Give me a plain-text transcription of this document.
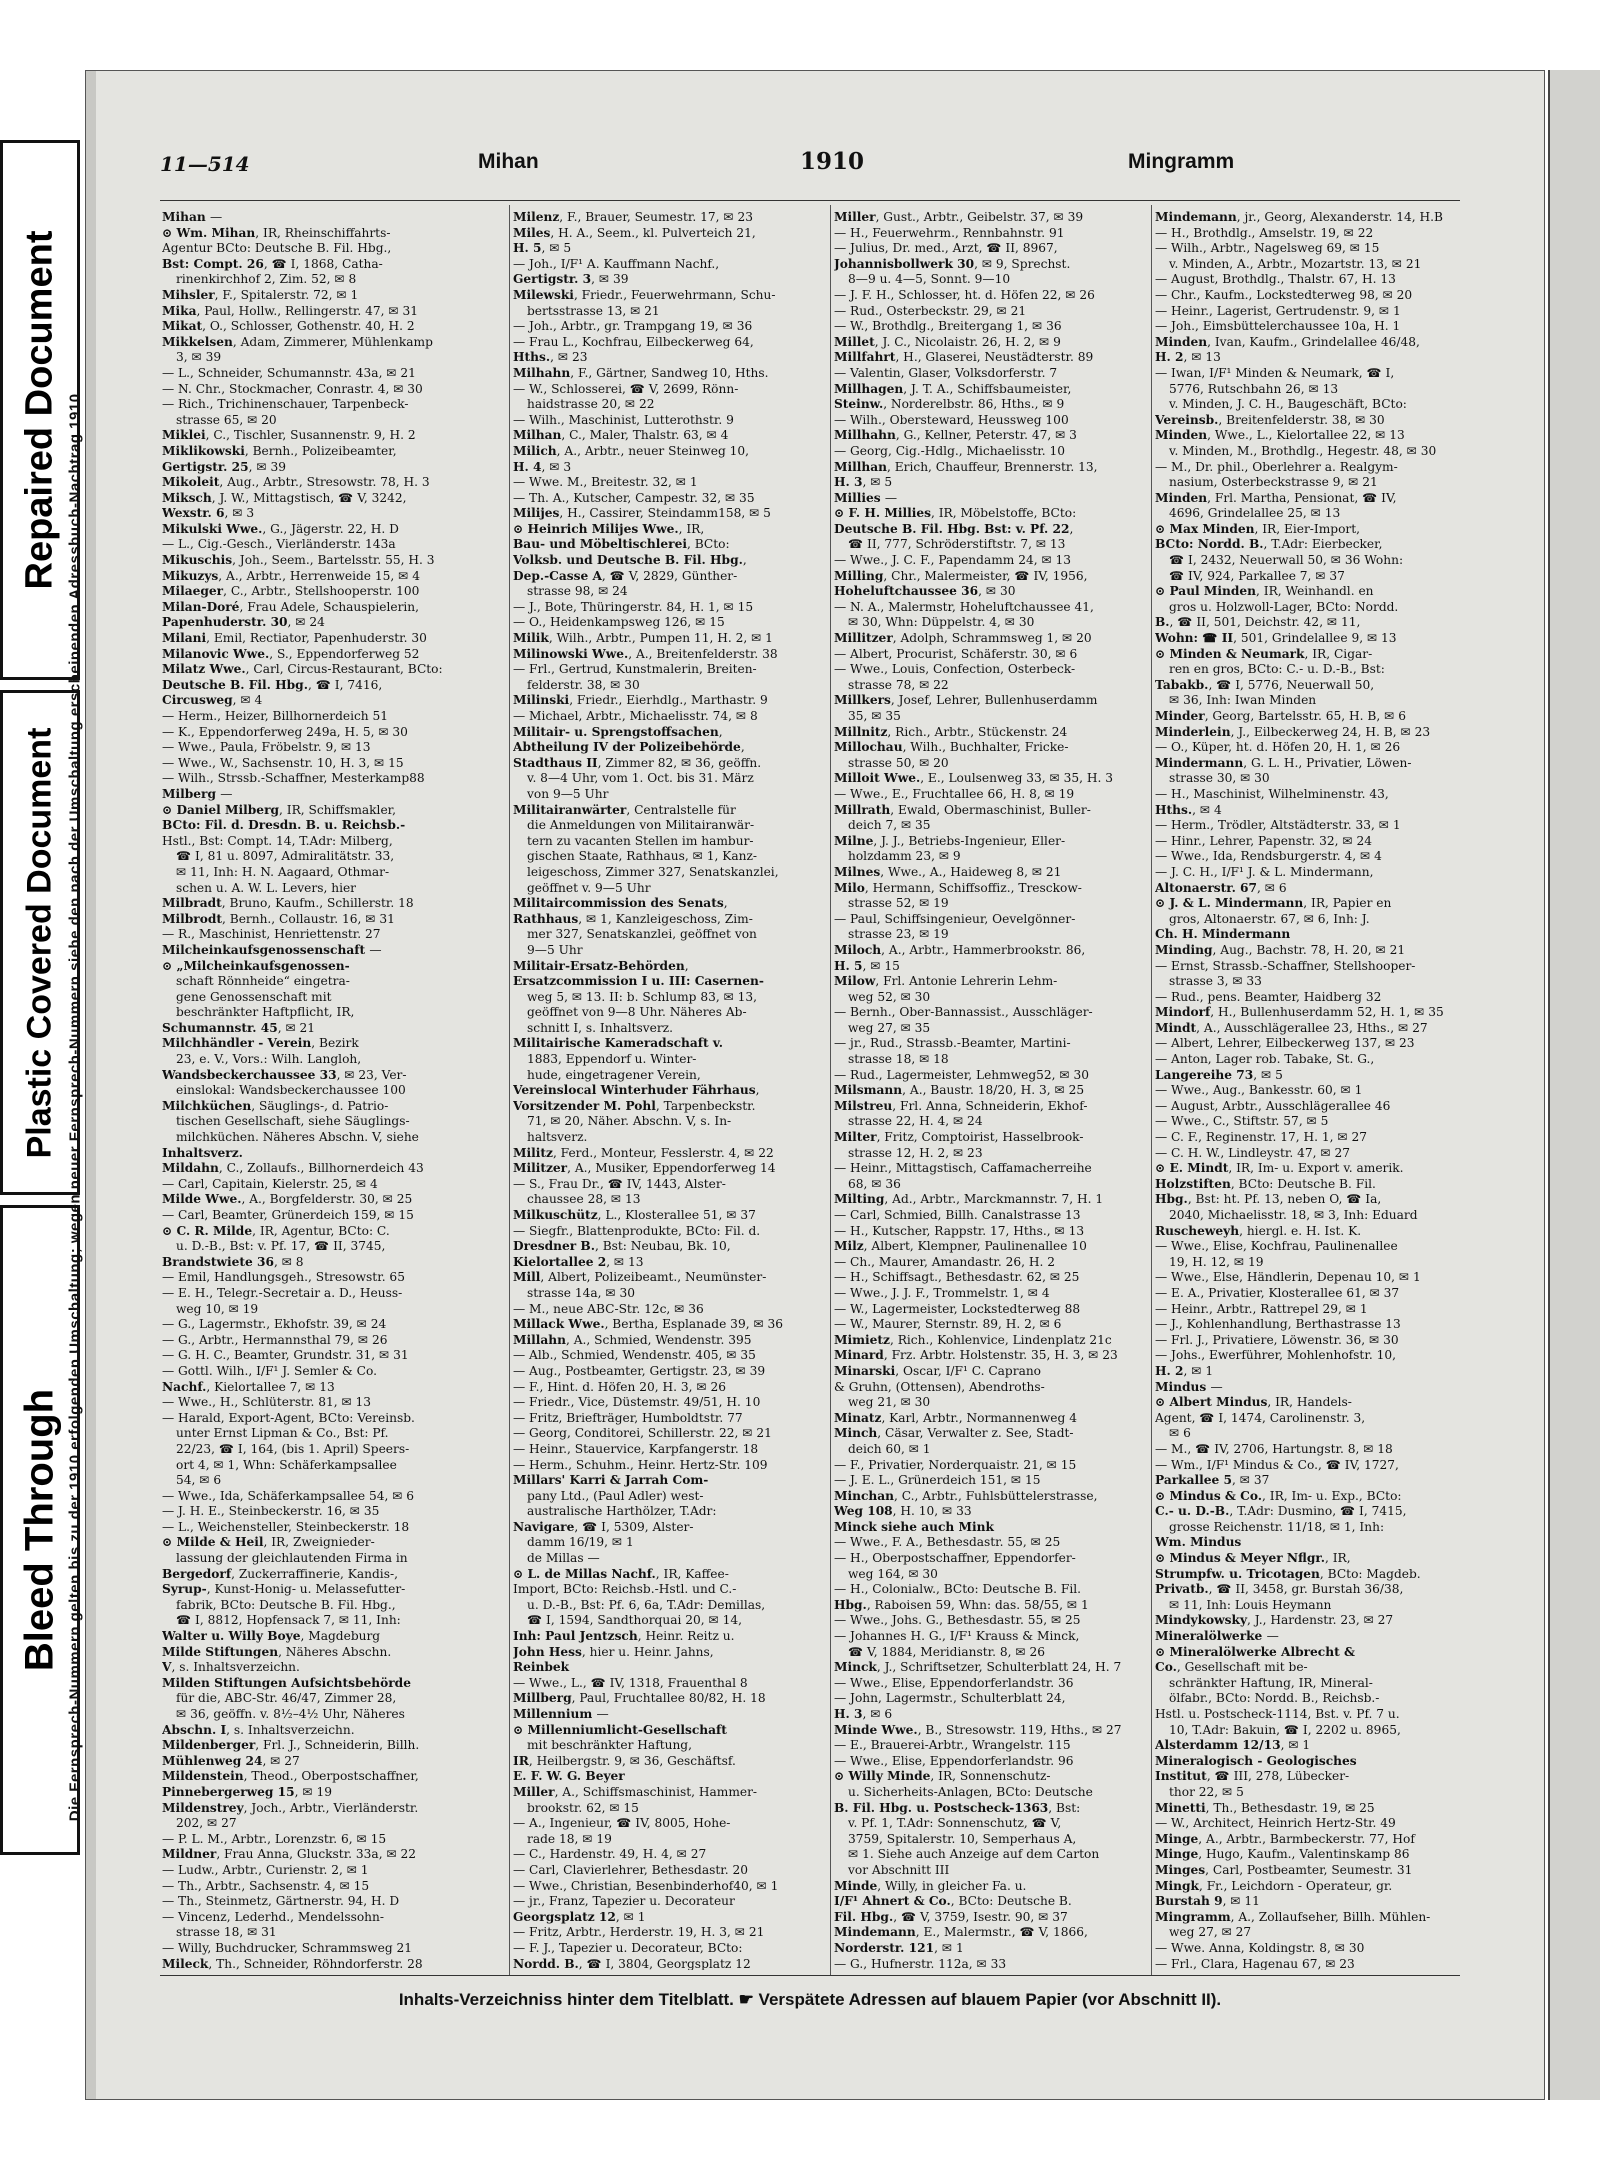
Bleed Through
Plastic Covered Document
Repaired Document
11—514	Mihan	1910	Mingramm
Die Fernsprech-Nummern gelten bis zu der 1910 erfolgenden Umschaltung; wegen neuer Fernsprech-Nummern siehe den nach der Umschaltung erscheinenden Adressbuch-Nachtrag 1910.
Mihan —
⊙ Wm. Mihan, IR, Rheinschiffahrts-
Agentur BCto: Deutsche B. Fil. Hbg.,
Bst: Compt. 26, ☎ I, 1868, Catha-
rinenkirchhof 2, Zim. 52, ✉ 8
Mihsler, F., Spitalerstr. 72, ✉ 1
Mika, Paul, Hollw., Rellingerstr. 47, ✉ 31
Mikat, O., Schlosser, Gothenstr. 40, H. 2
Mikkelsen, Adam, Zimmerer, Mühlenkamp
3, ✉ 39
— L., Schneider, Schumannstr. 43a, ✉ 21
— N. Chr., Stockmacher, Conrastr. 4, ✉ 30
— Rich., Trichinenschauer, Tarpenbeck-
strasse 65, ✉ 20
Miklei, C., Tischler, Susannenstr. 9, H. 2
Miklikowski, Bernh., Polizeibeamter,
Gertigstr. 25, ✉ 39
Mikoleit, Aug., Arbtr., Stresowstr. 78, H. 3
Miksch, J. W., Mittagstisch, ☎ V, 3242,
Wexstr. 6, ✉ 3
Mikulski Wwe., G., Jägerstr. 22, H. D
— L., Cig.-Gesch., Vierländerstr. 143a
Mikuschis, Joh., Seem., Bartelsstr. 55, H. 3
Mikuzys, A., Arbtr., Herrenweide 15, ✉ 4
Milaeger, C., Arbtr., Stellshooperstr. 100
Milan-Doré, Frau Adele, Schauspielerin,
Papenhuderstr. 30, ✉ 24
Milani, Emil, Rectiator, Papenhuderstr. 30
Milanovic Wwe., S., Eppendorferweg 52
Milatz Wwe., Carl, Circus-Restaurant, BCto:
Deutsche B. Fil. Hbg., ☎ I, 7416,
Circusweg, ✉ 4
— Herm., Heizer, Billhornerdeich 51
— K., Eppendorferweg 249a, H. 5, ✉ 30
— Wwe., Paula, Fröbelstr. 9, ✉ 13
— Wwe., W., Sachsenstr. 10, H. 3, ✉ 15
— Wilh., Strssb.-Schaffner, Mesterkamp88
Milberg —
⊙ Daniel Milberg, IR, Schiffsmakler,
BCto: Fil. d. Dresdn. B. u. Reichsb.-
Hstl., Bst: Compt. 14, T.Adr: Milberg,
☎ I, 81 u. 8097, Admiralitätstr. 33,
✉ 11, Inh: H. N. Aagaard, Othmar-
schen u. A. W. L. Levers, hier
Milbradt, Bruno, Kaufm., Schillerstr. 18
Milbrodt, Bernh., Collaustr. 16, ✉ 31
— R., Maschinist, Henriettenstr. 27
Milcheinkaufsgenossenschaft —
⊙ „Milcheinkaufsgenossen-
schaft Rönnheide“ eingetra-
gene Genossenschaft mit
beschränkter Haftpflicht, IR,
Schumannstr. 45, ✉ 21
Milchhändler - Verein, Bezirk
23, e. V., Vors.: Wilh. Langloh,
Wandsbeckerchaussee 33, ✉ 23, Ver-
einslokal: Wandsbeckerchaussee 100
Milchküchen, Säuglings-, d. Patrio-
tischen Gesellschaft, siehe Säuglings-
milchküchen. Näheres Abschn. V, siehe
Inhaltsverz.
Mildahn, C., Zollaufs., Billhornerdeich 43
— Carl, Capitain, Kielerstr. 25, ✉ 4
Milde Wwe., A., Borgfelderstr. 30, ✉ 25
— Carl, Beamter, Grünerdeich 159, ✉ 15
⊙ C. R. Milde, IR, Agentur, BCto: C.
u. D.-B., Bst: v. Pf. 17, ☎ II, 3745,
Brandstwiete 36, ✉ 8
— Emil, Handlungsgeh., Stresowstr. 65
— E. H., Telegr.-Secretair a. D., Heuss-
weg 10, ✉ 19
— G., Lagermstr., Ekhofstr. 39, ✉ 24
— G., Arbtr., Hermannsthal 79, ✉ 26
— G. H. C., Beamter, Grundstr. 31, ✉ 31
— Gottl. Wilh., I/F¹ J. Semler & Co.
Nachf., Kielortallee 7, ✉ 13
— Wwe., H., Schlüterstr. 81, ✉ 13
— Harald, Export-Agent, BCto: Vereinsb.
unter Ernst Lipman & Co., Bst: Pf.
22/23, ☎ I, 164, (bis 1. April) Speers-
ort 4, ✉ 1, Whn: Schäferkampsallee
54, ✉ 6
— Wwe., Ida, Schäferkampsallee 54, ✉ 6
— J. H. E., Steinbeckerstr. 16, ✉ 35
— L., Weichensteller, Steinbeckerstr. 18
⊙ Milde & Heil, IR, Zweignieder-
lassung der gleichlautenden Firma in
Bergedorf, Zuckerraffinerie, Kandis-,
Syrup-, Kunst-Honig- u. Melassefutter-
fabrik, BCto: Deutsche B. Fil. Hbg.,
☎ I, 8812, Hopfensack 7, ✉ 11, Inh:
Walter u. Willy Boye, Magdeburg
Milde Stiftungen, Näheres Abschn.
V, s. Inhaltsverzeichn.
Milden Stiftungen Aufsichtsbehörde
für die, ABC-Str. 46/47, Zimmer 28,
✉ 36, geöffn. v. 8½–4½ Uhr, Näheres
Abschn. I, s. Inhaltsverzeichn.
Mildenberger, Frl. J., Schneiderin, Billh.
Mühlenweg 24, ✉ 27
Mildenstein, Theod., Oberpostschaffner,
Pinnebergerweg 15, ✉ 19
Mildenstrey, Joch., Arbtr., Vierländerstr.
202, ✉ 27
— P. L. M., Arbtr., Lorenzstr. 6, ✉ 15
Mildner, Frau Anna, Gluckstr. 33a, ✉ 22
— Ludw., Arbtr., Curienstr. 2, ✉ 1
— Th., Arbtr., Sachsenstr. 4, ✉ 15
— Th., Steinmetz, Gärtnerstr. 94, H. D
— Vincenz, Lederhd., Mendelssohn-
strasse 18, ✉ 31
— Willy, Buchdrucker, Schrammsweg 21
Mileck, Th., Schneider, Röhndorferstr. 28
Milenz, F., Brauer, Seumestr. 17, ✉ 23
Miles, H. A., Seem., kl. Pulverteich 21,
H. 5, ✉ 5
— Joh., I/F¹ A. Kauffmann Nachf.,
Gertigstr. 3, ✉ 39
Milewski, Friedr., Feuerwehrmann, Schu-
bertsstrasse 13, ✉ 21
— Joh., Arbtr., gr. Trampgang 19, ✉ 36
— Frau L., Kochfrau, Eilbeckerweg 64,
Hths., ✉ 23
Milhahn, F., Gärtner, Sandweg 10, Hths.
— W., Schlosserei, ☎ V, 2699, Rönn-
haidstrasse 20, ✉ 22
— Wilh., Maschinist, Lutterothstr. 9
Milhan, C., Maler, Thalstr. 63, ✉ 4
Milich, A., Arbtr., neuer Steinweg 10,
H. 4, ✉ 3
— Wwe. M., Breitestr. 32, ✉ 1
— Th. A., Kutscher, Campestr. 32, ✉ 35
Milijes, H., Cassirer, Steindamm158, ✉ 5
⊙ Heinrich Milijes Wwe., IR,
Bau- und Möbeltischlerei, BCto:
Volksb. und Deutsche B. Fil. Hbg.,
Dep.-Casse A, ☎ V, 2829, Günther-
strasse 98, ✉ 24
— J., Bote, Thüringerstr. 84, H. 1, ✉ 15
— O., Heidenkampsweg 126, ✉ 15
Milik, Wilh., Arbtr., Pumpen 11, H. 2, ✉ 1
Milinowski Wwe., A., Breitenfelderstr. 38
— Frl., Gertrud, Kunstmalerin, Breiten-
felderstr. 38, ✉ 30
Milinski, Friedr., Eierhdlg., Marthastr. 9
— Michael, Arbtr., Michaelisstr. 74, ✉ 8
Militair- u. Sprengstoffsachen,
Abtheilung IV der Polizeibehörde,
Stadthaus II, Zimmer 82, ✉ 36, geöffn.
v. 8—4 Uhr, vom 1. Oct. bis 31. März
von 9—5 Uhr
Militairanwärter, Centralstelle für
die Anmeldungen von Militairanwär-
tern zu vacanten Stellen im hambur-
gischen Staate, Rathhaus, ✉ 1, Kanz-
leigeschoss, Zimmer 327, Senatskanzlei,
geöffnet v. 9—5 Uhr
Militaircommission des Senats,
Rathhaus, ✉ 1, Kanzleigeschoss, Zim-
mer 327, Senatskanzlei, geöffnet von
9—5 Uhr
Militair-Ersatz-Behörden,
Ersatzcommission I u. III: Casernen-
weg 5, ✉ 13. II: b. Schlump 83, ✉ 13,
geöffnet von 9—8 Uhr. Näheres Ab-
schnitt I, s. Inhaltsverz.
Militairische Kameradschaft v.
1883, Eppendorf u. Winter-
hude, eingetragener Verein,
Vereinslocal Winterhuder Fährhaus,
Vorsitzender M. Pohl, Tarpenbeckstr.
71, ✉ 20, Näher. Abschn. V, s. In-
haltsverz.
Militz, Ferd., Monteur, Fesslerstr. 4, ✉ 22
Militzer, A., Musiker, Eppendorferweg 14
— S., Frau Dr., ☎ IV, 1443, Alster-
chaussee 28, ✉ 13
Milkuschütz, L., Klosterallee 51, ✉ 37
— Siegfr., Blattenprodukte, BCto: Fil. d.
Dresdner B., Bst: Neubau, Bk. 10,
Kielortallee 2, ✉ 13
Mill, Albert, Polizeibeamt., Neumünster-
strasse 14a, ✉ 30
— M., neue ABC-Str. 12c, ✉ 36
Millack Wwe., Bertha, Esplanade 39, ✉ 36
Millahn, A., Schmied, Wendenstr. 395
— Alb., Schmied, Wendenstr. 405, ✉ 35
— Aug., Postbeamter, Gertigstr. 23, ✉ 39
— F., Hint. d. Höfen 20, H. 3, ✉ 26
— Friedr., Vice, Düstemstr. 49/51, H. 10
— Fritz, Briefträger, Humboldtstr. 77
— Georg, Conditorei, Schillerstr. 22, ✉ 21
— Heinr., Stauervice, Karpfangerstr. 18
— Herm., Schuhm., Heinr. Hertz-Str. 109
Millars' Karri & Jarrah Com-
pany Ltd., (Paul Adler) west-
australische Harthölzer, T.Adr:
Navigare, ☎ I, 5309, Alster-
damm 16/19, ✉ 1
de Millas —
⊙ L. de Millas Nachf., IR, Kaffee-
Import, BCto: Reichsb.-Hstl. und C.-
u. D.-B., Bst: Pf. 6, 6a, T.Adr: Demillas,
☎ I, 1594, Sandthorquai 20, ✉ 14,
Inh: Paul Jentzsch, Heinr. Reitz u.
John Hess, hier u. Heinr. Jahns,
Reinbek
— Wwe., L., ☎ IV, 1318, Frauenthal 8
Millberg, Paul, Fruchtallee 80/82, H. 18
Millennium —
⊙ Millenniumlicht-Gesellschaft
mit beschränkter Haftung,
IR, Heilbergstr. 9, ✉ 36, Geschäftsf.
E. F. W. G. Beyer
Miller, A., Schiffsmaschinist, Hammer-
brookstr. 62, ✉ 15
— A., Ingenieur, ☎ IV, 8005, Hohe-
rade 18, ✉ 19
— C., Hardenstr. 49, H. 4, ✉ 27
— Carl, Clavierlehrer, Bethesdastr. 20
— Wwe., Christian, Besenbinderhof40, ✉ 1
— jr., Franz, Tapezier u. Decorateur
Georgsplatz 12, ✉ 1
— Fritz, Arbtr., Herderstr. 19, H. 3, ✉ 21
— F. J., Tapezier u. Decorateur, BCto:
Nordd. B., ☎ I, 3804, Georgsplatz 12
Miller, Gust., Arbtr., Geibelstr. 37, ✉ 39
— H., Feuerwehrm., Rennbahnstr. 91
— Julius, Dr. med., Arzt, ☎ II, 8967,
Johannisbollwerk 30, ✉ 9, Sprechst.
8—9 u. 4—5, Sonnt. 9—10
— J. F. H., Schlosser, ht. d. Höfen 22, ✉ 26
— Rud., Osterbeckstr. 29, ✉ 21
— W., Brothdlg., Breitergang 1, ✉ 36
Millet, J. C., Nicolaistr. 26, H. 2, ✉ 9
Millfahrt, H., Glaserei, Neustädterstr. 89
— Valentin, Glaser, Volksdorferstr. 7
Millhagen, J. T. A., Schiffsbaumeister,
Steinw., Norderelbstr. 86, Hths., ✉ 9
— Wilh., Obersteward, Heussweg 100
Millhahn, G., Kellner, Peterstr. 47, ✉ 3
— Georg, Cig.-Hdlg., Michaelisstr. 10
Millhan, Erich, Chauffeur, Brennerstr. 13,
H. 3, ✉ 5
Millies —
⊙ F. H. Millies, IR, Möbelstoffe, BCto:
Deutsche B. Fil. Hbg. Bst: v. Pf. 22,
☎ II, 777, Schröderstiftstr. 7, ✉ 13
— Wwe., J. C. F., Papendamm 24, ✉ 13
Milling, Chr., Malermeister, ☎ IV, 1956,
Hoheluftchaussee 36, ✉ 30
— N. A., Malermstr, Hoheluftchaussee 41,
✉ 30, Whn: Düppelstr. 4, ✉ 30
Millitzer, Adolph, Schrammsweg 1, ✉ 20
— Albert, Procurist, Schäferstr. 30, ✉ 6
— Wwe., Louis, Confection, Osterbeck-
strasse 78, ✉ 22
Millkers, Josef, Lehrer, Bullenhuserdamm
35, ✉ 35
Millnitz, Rich., Arbtr., Stückenstr. 24
Millochau, Wilh., Buchhalter, Fricke-
strasse 50, ✉ 20
Milloit Wwe., E., Loulsenweg 33, ✉ 35, H. 3
— Wwe., E., Fruchtallee 66, H. 8, ✉ 19
Millrath, Ewald, Obermaschinist, Buller-
deich 7, ✉ 35
Milne, J. J., Betriebs-Ingenieur, Eller-
holzdamm 23, ✉ 9
Milnes, Wwe., A., Haideweg 8, ✉ 21
Milo, Hermann, Schiffsoffiz., Tresckow-
strasse 52, ✉ 19
— Paul, Schiffsingenieur, Oevelgönner-
strasse 23, ✉ 19
Miloch, A., Arbtr., Hammerbrookstr. 86,
H. 5, ✉ 15
Milow, Frl. Antonie Lehrerin Lehm-
weg 52, ✉ 30
— Bernh., Ober-Bannassist., Ausschläger-
weg 27, ✉ 35
— jr., Rud., Strassb.-Beamter, Martini-
strasse 18, ✉ 18
— Rud., Lagermeister, Lehmweg52, ✉ 30
Milsmann, A., Baustr. 18/20, H. 3, ✉ 25
Milstreu, Frl. Anna, Schneiderin, Ekhof-
strasse 22, H. 4, ✉ 24
Milter, Fritz, Comptoirist, Hasselbrook-
strasse 12, H. 2, ✉ 23
— Heinr., Mittagstisch, Caffamacherreihe
68, ✉ 36
Milting, Ad., Arbtr., Marckmannstr. 7, H. 1
— Carl, Schmied, Billh. Canalstrasse 13
— H., Kutscher, Rappstr. 17, Hths., ✉ 13
Milz, Albert, Klempner, Paulinenallee 10
— Ch., Maurer, Amandastr. 26, H. 2
— H., Schiffsagt., Bethesdastr. 62, ✉ 25
— Wwe., J. J. F., Trommelstr. 1, ✉ 4
— W., Lagermeister, Lockstedterweg 88
— W., Maurer, Sternstr. 89, H. 2, ✉ 6
Mimietz, Rich., Kohlenvice, Lindenplatz 21c
Minard, Frz. Arbtr. Holstenstr. 35, H. 3, ✉ 23
Minarski, Oscar, I/F¹ C. Caprano
& Gruhn, (Ottensen), Abendroths-
weg 21, ✉ 30
Minatz, Karl, Arbtr., Normannenweg 4
Minch, Cäsar, Verwalter z. See, Stadt-
deich 60, ✉ 1
— F., Privatier, Norderquaistr. 21, ✉ 15
— J. E. L., Grünerdeich 151, ✉ 15
Minchan, C., Arbtr., Fuhlsbüttelerstrasse,
Weg 108, H. 10, ✉ 33
Minck siehe auch Mink
— Wwe., F. A., Bethesdastr. 55, ✉ 25
— H., Oberpostschaffner, Eppendorfer-
weg 164, ✉ 30
— H., Colonialw., BCto: Deutsche B. Fil.
Hbg., Raboisen 59, Whn: das. 58/55, ✉ 1
— Wwe., Johs. G., Bethesdastr. 55, ✉ 25
— Johannes H. G., I/F¹ Krauss & Minck,
☎ V, 1884, Meridianstr. 8, ✉ 26
Minck, J., Schriftsetzer, Schulterblatt 24, H. 7
— Wwe., Elise, Eppendorferlandstr. 36
— John, Lagermstr., Schulterblatt 24,
H. 3, ✉ 6
Minde Wwe., B., Stresowstr. 119, Hths., ✉ 27
— E., Brauerei-Arbtr., Wrangelstr. 115
— Wwe., Elise, Eppendorferlandstr. 96
⊙ Willy Minde, IR, Sonnenschutz-
u. Sicherheits-Anlagen, BCto: Deutsche
B. Fil. Hbg. u. Postscheck-1363, Bst:
v. Pf. 1, T.Adr: Sonnenschutz, ☎ V,
3759, Spitalerstr. 10, Semperhaus A,
✉ 1. Siehe auch Anzeige auf dem Carton
vor Abschnitt III
Minde, Willy, in gleicher Fa. u.
I/F¹ Ahnert & Co., BCto: Deutsche B.
Fil. Hbg., ☎ V, 3759, Isestr. 90, ✉ 37
Mindemann, E., Malermstr., ☎ V, 1866,
Norderstr. 121, ✉ 1
— G., Hufnerstr. 112a, ✉ 33
Mindemann, jr., Georg, Alexanderstr. 14, H.B
— H., Brothdlg., Amselstr. 19, ✉ 22
— Wilh., Arbtr., Nagelsweg 69, ✉ 15
v. Minden, A., Arbtr., Mozartstr. 13, ✉ 21
— August, Brothdlg., Thalstr. 67, H. 13
— Chr., Kaufm., Lockstedterweg 98, ✉ 20
— Heinr., Lagerist, Gertrudenstr. 9, ✉ 1
— Joh., Eimsbüttelerchaussee 10a, H. 1
Minden, Ivan, Kaufm., Grindelallee 46/48,
H. 2, ✉ 13
— Iwan, I/F¹ Minden & Neumark, ☎ I,
5776, Rutschbahn 26, ✉ 13
v. Minden, J. C. H., Baugeschäft, BCto:
Vereinsb., Breitenfelderstr. 38, ✉ 30
Minden, Wwe., L., Kielortallee 22, ✉ 13
v. Minden, M., Brothdlg., Hegestr. 48, ✉ 30
— M., Dr. phil., Oberlehrer a. Realgym-
nasium, Osterbeckstrasse 9, ✉ 21
Minden, Frl. Martha, Pensionat, ☎ IV,
4696, Grindelallee 25, ✉ 13
⊙ Max Minden, IR, Eier-Import,
BCto: Nordd. B., T.Adr: Eierbecker,
☎ I, 2432, Neuerwall 50, ✉ 36 Wohn:
☎ IV, 924, Parkallee 7, ✉ 37
⊙ Paul Minden, IR, Weinhandl. en
gros u. Holzwoll-Lager, BCto: Nordd.
B., ☎ II, 501, Deichstr. 42, ✉ 11,
Wohn: ☎ II, 501, Grindelallee 9, ✉ 13
⊙ Minden & Neumark, IR, Cigar-
ren en gros, BCto: C.- u. D.-B., Bst:
Tabakb., ☎ I, 5776, Neuerwall 50,
✉ 36, Inh: Iwan Minden
Minder, Georg, Bartelsstr. 65, H. B, ✉ 6
Minderlein, J., Eilbeckerweg 24, H. B, ✉ 23
— O., Küper, ht. d. Höfen 20, H. 1, ✉ 26
Mindermann, G. L. H., Privatier, Löwen-
strasse 30, ✉ 30
— H., Maschinist, Wilhelminenstr. 43,
Hths., ✉ 4
— Herm., Trödler, Altstädterstr. 33, ✉ 1
— Hinr., Lehrer, Papenstr. 32, ✉ 24
— Wwe., Ida, Rendsburgerstr. 4, ✉ 4
— J. C. H., I/F¹ J. & L. Mindermann,
Altonaerstr. 67, ✉ 6
⊙ J. & L. Mindermann, IR, Papier en
gros, Altonaerstr. 67, ✉ 6, Inh: J.
Ch. H. Mindermann
Minding, Aug., Bachstr. 78, H. 20, ✉ 21
— Ernst, Strassb.-Schaffner, Stellshooper-
strasse 3, ✉ 33
— Rud., pens. Beamter, Haidberg 32
Mindorf, H., Bullenhuserdamm 52, H. 1, ✉ 35
Mindt, A., Ausschlägerallee 23, Hths., ✉ 27
— Albert, Lehrer, Eilbeckerweg 137, ✉ 23
— Anton, Lager rob. Tabake, St. G.,
Langereihe 73, ✉ 5
— Wwe., Aug., Bankesstr. 60, ✉ 1
— August, Arbtr., Ausschlägerallee 46
— Wwe., C., Stiftstr. 57, ✉ 5
— C. F., Reginenstr. 17, H. 1, ✉ 27
— C. H. W., Lindleystr. 47, ✉ 27
⊙ E. Mindt, IR, Im- u. Export v. amerik.
Holzstiften, BCto: Deutsche B. Fil.
Hbg., Bst: ht. Pf. 13, neben O, ☎ Ia,
2040, Michaelisstr. 18, ✉ 3, Inh: Eduard
Ruscheweyh, hiergl. e. H. Ist. K.
— Wwe., Elise, Kochfrau, Paulinenallee
19, H. 12, ✉ 19
— Wwe., Else, Händlerin, Depenau 10, ✉ 1
— E. A., Privatier, Klosterallee 61, ✉ 37
— Heinr., Arbtr., Rattrepel 29, ✉ 1
— J., Kohlenhandlung, Berthastrasse 13
— Frl. J., Privatiere, Löwenstr. 36, ✉ 30
— Johs., Ewerführer, Mohlenhofstr. 10,
H. 2, ✉ 1
Mindus —
⊙ Albert Mindus, IR, Handels-
Agent, ☎ I, 1474, Carolinenstr. 3,
✉ 6
— M., ☎ IV, 2706, Hartungstr. 8, ✉ 18
— Wm., I/F¹ Mindus & Co., ☎ IV, 1727,
Parkallee 5, ✉ 37
⊙ Mindus & Co., IR, Im- u. Exp., BCto:
C.- u. D.-B., T.Adr: Dusmino, ☎ I, 7415,
grosse Reichenstr. 11/18, ✉ 1, Inh:
Wm. Mindus
⊙ Mindus & Meyer Nflgr., IR,
Strumpfw. u. Tricotagen, BCto: Magdeb.
Privatb., ☎ II, 3458, gr. Burstah 36/38,
✉ 11, Inh: Louis Heymann
Mindykowsky, J., Hardenstr. 23, ✉ 27
Mineralölwerke —
⊙ Mineralölwerke Albrecht &
Co., Gesellschaft mit be-
schränkter Haftung, IR, Mineral-
ölfabr., BCto: Nordd. B., Reichsb.-
Hstl. u. Postscheck-1114, Bst. v. Pf. 7 u.
10, T.Adr: Bakuin, ☎ I, 2202 u. 8965,
Alsterdamm 12/13, ✉ 1
Mineralogisch - Geologisches
Institut, ☎ III, 278, Lübecker-
thor 22, ✉ 5
Minetti, Th., Bethesdastr. 19, ✉ 25
— W., Architect, Heinrich Hertz-Str. 49
Minge, A., Arbtr., Barmbeckerstr. 77, Hof
Minge, Hugo, Kaufm., Valentinskamp 86
Minges, Carl, Postbeamter, Seumestr. 31
Mingk, Fr., Leichdorn - Operateur, gr.
Burstah 9, ✉ 11
Mingramm, A., Zollaufseher, Billh. Mühlen-
weg 27, ✉ 27
— Wwe. Anna, Koldingstr. 8, ✉ 30
— Frl., Clara, Hagenau 67, ✉ 23
Inhalts-Verzeichniss hinter dem Titelblatt. ☛ Verspätete Adressen auf blauem Papier (vor Abschnitt II).
